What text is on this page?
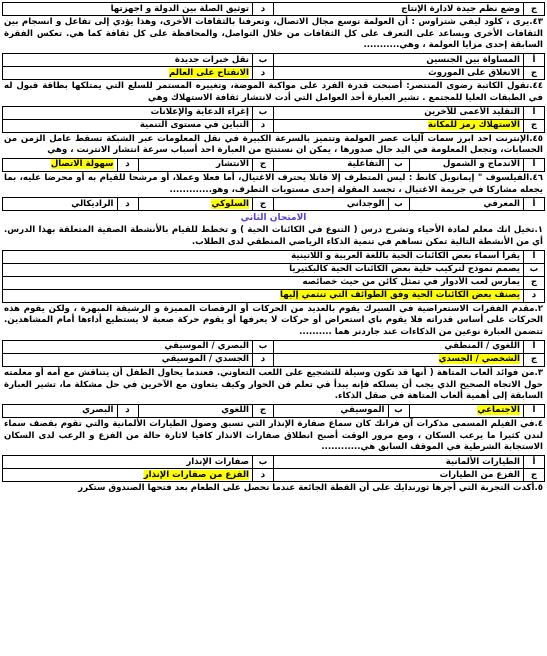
ج	وضع نظم جيدة لادارة الإنتاج	د	توثيق الصلة بين الدولة و اجهزتها
٤٣.يرى ، كلود ليفي شتراوس : أن العولمة توسع مجال الاتصال، وتعرفنا بالثقافات الأخرى، وهذا يؤدي إلى تفاعل و انسجام بين الثقافات الأخرى ويساعد على التعرف على كل الثقافات من خلال التواصل، والمحافظة على كل ثقافة كما هي. تعكس الفقرة السابقة إحدى مزايا العولمة ، وهي...........
أ	المساواة بين الجنسين	ب	نقل خبرات جديدة
ج	الانغلاق على الموروث	د	الانفتاح على العالم
٤٤.تقول الكاتبة رضوى المنتصر: أصبحت قدرة الفرد على مواكبة الموضة، وتغييره المستمر للسلع التي يمتلكها بطاقة قبول له في الطبقات العليا للمجتمع . تشير العبارة أحد العوامل التي أدت لانتشار ثقافة الاستهلاك وهي
أ	التقليد الأعمى للآخرين	ب	إغراء الدعاية والإعلانات
ج	الاستهلاك رمز للمكانة	د	التباين في مستوى التنمية
٤٥.الإنترنت احد ابرز سمات آليات عصر العولمة وتتميز بالسرعة الكبيرة في نقل المعلومات عبر الشبكة تسقط عامل الزمن من الحسابات، وتجعل المعلومة في اليد حال صدورها ، يمكن ان نستنتج من العبارة احد أسباب سرعة انتشار الانترنت ، وهي
أ	الاندماج و الشمول	ب	التفاعلية	ج	الانتشار	د	سهولة الاتصال
٤٦.الفيلسوف " إيمانويل كانط : ليس المتطرف إلا قاتلا يحترف الاغتيال، أما فعلا وعملا، أو مرشحا للقيام به أو محرضا عليه، بما يجعله مشاركا في جريمة الاغتيال ، تجسد المقولة إحدى مستويات التطرف، وهو.............
أ	المعرفي	ب	الوجداني	ج	السلوكي	د	الراديكالي
الامتحان الثاني
١.تخيل انك معلم لمادة الأحياء وتشرح درس ( التنوع في الكائنات الحية ) و تخطط للقيام بالأنشطة الصفية المتعلقة بهذا الدرس. أي من الأنشطة التالية تمكن تساهم في تنمية الذكاء الرياضي المنطقي لدى الطلاب.
أ	يقرأ أسماء بعض الكائنات الحية باللغة العربية و اللاتينية
ب	يصمم نموذج لتركيب خلية بعض الكائنات الحية كالبكتيريا
ج	يمارس لعب الأدوار في تمثل كائن من حيث خصائصه
د	يصنف بعض الكائنات الحية وفق الطوائف التي تنتمي إليها
٢.مقدم الفقرات الاستعراضية في السيرك يقوم بالعديد من الحركات أو الرقصات المميزة و الرشيقة المبهرة ، ولكن يقوم هذه الحركات على أساس قدراته فلا يقوم باي استعراض أو حركات لا يعرفها أو يقوم حركة صعبة لا يستطيع أداءها أمام المشاهدين. تتضمن العبارة نوعين من الذكاءات عند جاردنر هما ..........
أ	اللغوي / المنطقي	ب	البصري / الموسيقي
ج	الشخصي / الجسدي	د	الجسدي / الموسيقي
٣.من فوائد ألعاب المتاهة ( أنها قد تكون وسيلة للتشجيع على اللعب التعاوني. فعندما يحاول الطفل أن يتناقش مع أمه أو معلمته حول الاتجاه الصحيح الذي يجب أن يسلكه فإنه يبدأ في تعلم فن الحوار وكيف يتعاون مع الآخرين في حل مشكلة ما، تشير العبارة السابقة إلى أهمية ألعاب المتاهة في صقل الذكاء.
أ	الاجتماعي	ب	الموسيقي	ج	اللغوي	د	البصري
٤.في الفيلم المسمى مذكرات آن فرانك كان سماع صفارة الإنذار التي تسبق وصول الطيارات الألمانية والتي تقوم بقصف سماء لندن كثيرا ما يرعب السكان ، ومع مرور الوقت أصبح انطلاق صفارات الانذار كافيا لاثارة حالة من الفزع و الرعب لدى السكان الاستجابة الشرطية في الموقف السابق هي............
أ	الطيارات الألمانية	ب	صفارات الإنذار
ج	الفزع من الطيارات	د	الفزع من صفارات الإنذار
٥.أكدت التجربة التي أجرها ثورندايك على أن القطة الجائعة عندما تحصل على الطعام بعد فتحها الصندوق ستكرر
